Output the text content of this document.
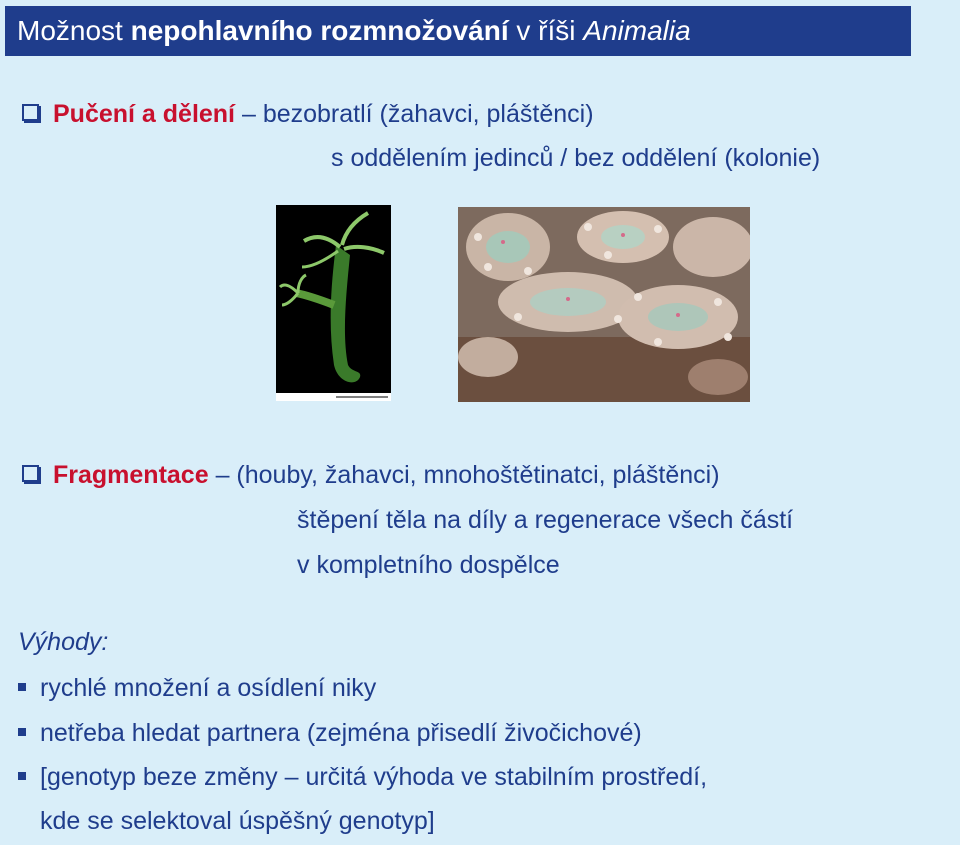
Možnost nepohlavního rozmnožování v říši Animalia
Pučení a dělení – bezobratlí (žahavci, pláštěnci)
s oddělením jedinců / bez oddělení (kolonie)
Fragmentace – (houby, žahavci, mnohoštětinatci, pláštěnci)
štěpení těla na díly a regenerace všech částí
v kompletního dospělce
Výhody:
rychlé množení a osídlení niky
netřeba hledat partnera (zejména přisedlí živočichové)
[genotyp beze změny – určitá výhoda ve stabilním prostředí,
kde se selektoval úspěšný genotyp]
